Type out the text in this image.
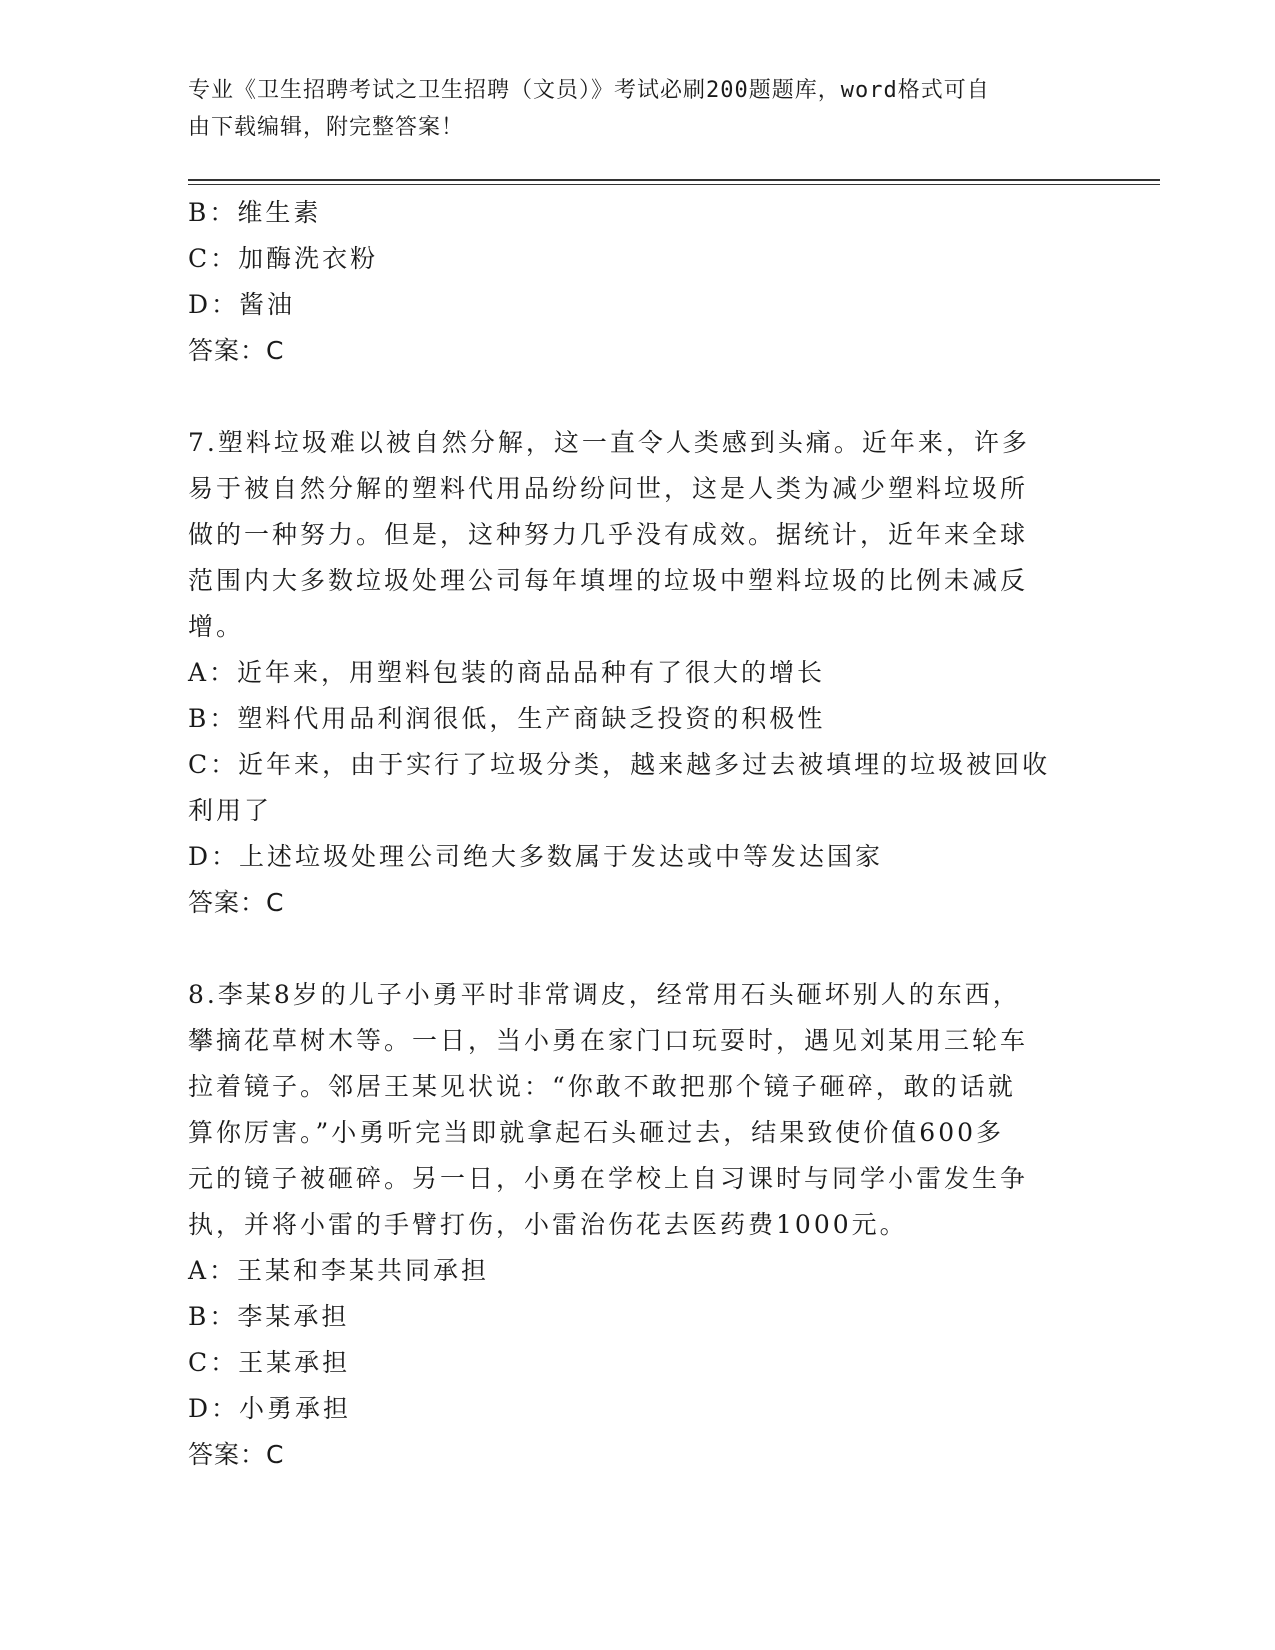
专业《卫生招聘考试之卫生招聘（文员）》考试必刷200题题库，word格式可自
由下载编辑，附完整答案！
B：维生素
C：加酶洗衣粉
D：酱油
答案：C
7.塑料垃圾难以被自然分解，这一直令人类感到头痛。近年来，许多
易于被自然分解的塑料代用品纷纷问世，这是人类为减少塑料垃圾所
做的一种努力。但是，这种努力几乎没有成效。据统计，近年来全球
范围内大多数垃圾处理公司每年填埋的垃圾中塑料垃圾的比例未减反
增。
A：近年来，用塑料包装的商品品种有了很大的增长
B：塑料代用品利润很低，生产商缺乏投资的积极性
C：近年来，由于实行了垃圾分类，越来越多过去被填埋的垃圾被回收
利用了
D：上述垃圾处理公司绝大多数属于发达或中等发达国家
答案：C
8.李某8岁的儿子小勇平时非常调皮，经常用石头砸坏别人的东西，
攀摘花草树木等。一日，当小勇在家门口玩耍时，遇见刘某用三轮车
拉着镜子。邻居王某见状说：“你敢不敢把那个镜子砸碎，敢的话就
算你厉害。”小勇听完当即就拿起石头砸过去，结果致使价值600多
元的镜子被砸碎。另一日，小勇在学校上自习课时与同学小雷发生争
执，并将小雷的手臂打伤，小雷治伤花去医药费1000元。
A：王某和李某共同承担
B：李某承担
C：王某承担
D：小勇承担
答案：C
